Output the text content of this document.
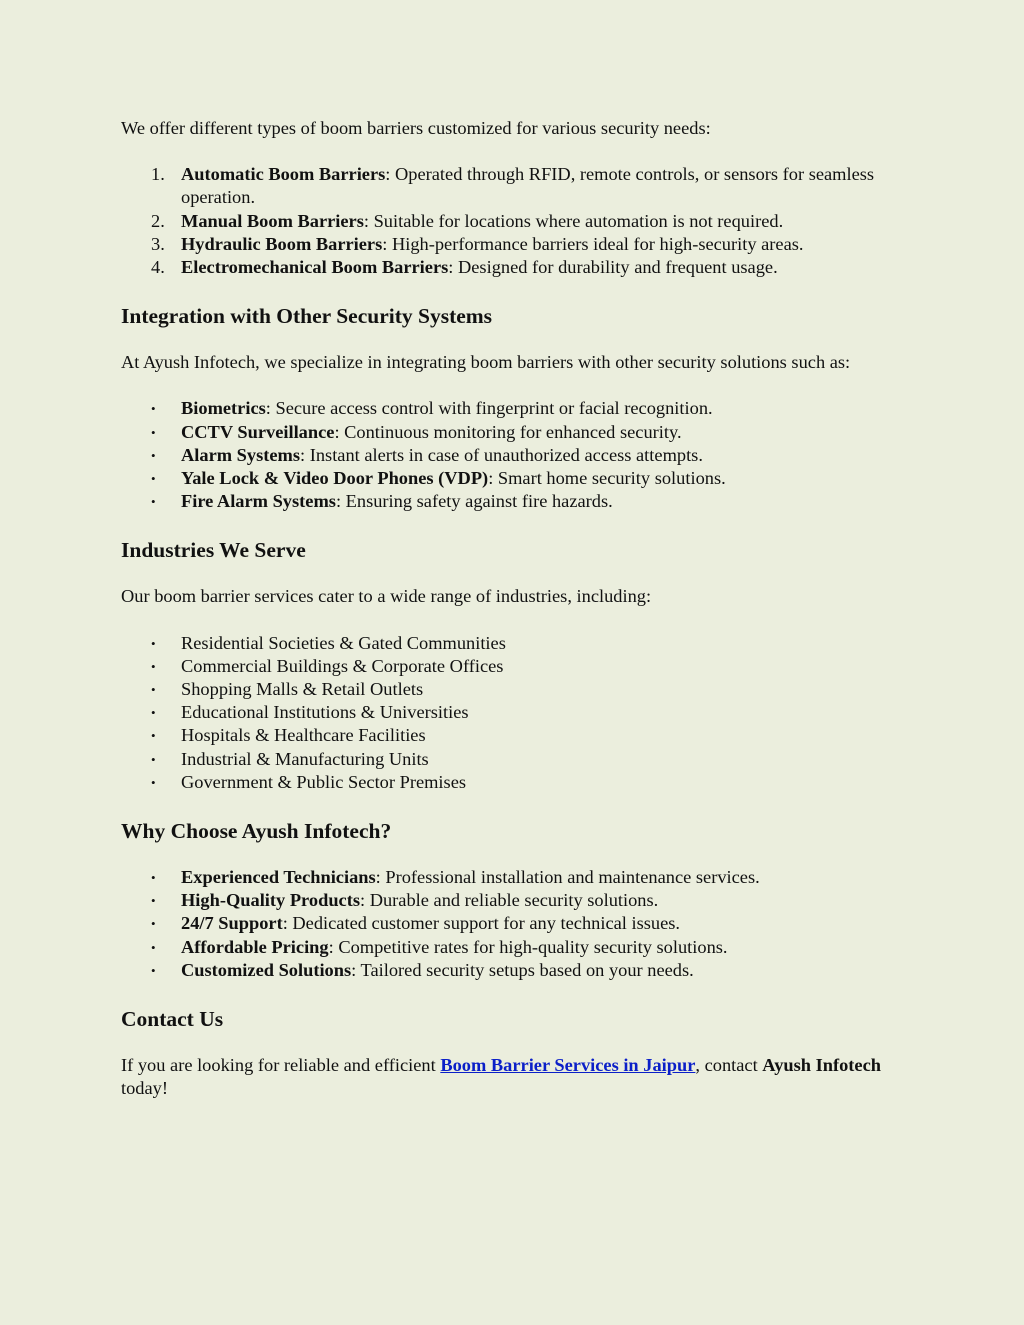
We offer different types of boom barriers customized for various security needs:

1. Automatic Boom Barriers: Operated through RFID, remote controls, or sensors for seamless operation.
2. Manual Boom Barriers: Suitable for locations where automation is not required.
3. Hydraulic Boom Barriers: High-performance barriers ideal for high-security areas.
4. Electromechanical Boom Barriers: Designed for durability and frequent usage.
Integration with Other Security Systems

At Ayush Infotech, we specialize in integrating boom barriers with other security solutions such as:

• Biometrics: Secure access control with fingerprint or facial recognition.
• CCTV Surveillance: Continuous monitoring for enhanced security.
• Alarm Systems: Instant alerts in case of unauthorized access attempts.
• Yale Lock & Video Door Phones (VDP): Smart home security solutions.
• Fire Alarm Systems: Ensuring safety against fire hazards.
Industries We Serve

Our boom barrier services cater to a wide range of industries, including:

• Residential Societies & Gated Communities
• Commercial Buildings & Corporate Offices
• Shopping Malls & Retail Outlets
• Educational Institutions & Universities
• Hospitals & Healthcare Facilities
• Industrial & Manufacturing Units
• Government & Public Sector Premises
Why Choose Ayush Infotech?
• Experienced Technicians: Professional installation and maintenance services.
• High-Quality Products: Durable and reliable security solutions.
• 24/7 Support: Dedicated customer support for any technical issues.
• Affordable Pricing: Competitive rates for high-quality security solutions.
• Customized Solutions: Tailored security setups based on your needs.
Contact Us

If you are looking for reliable and efficient Boom Barrier Services in Jaipur, contact Ayush Infotech today!
